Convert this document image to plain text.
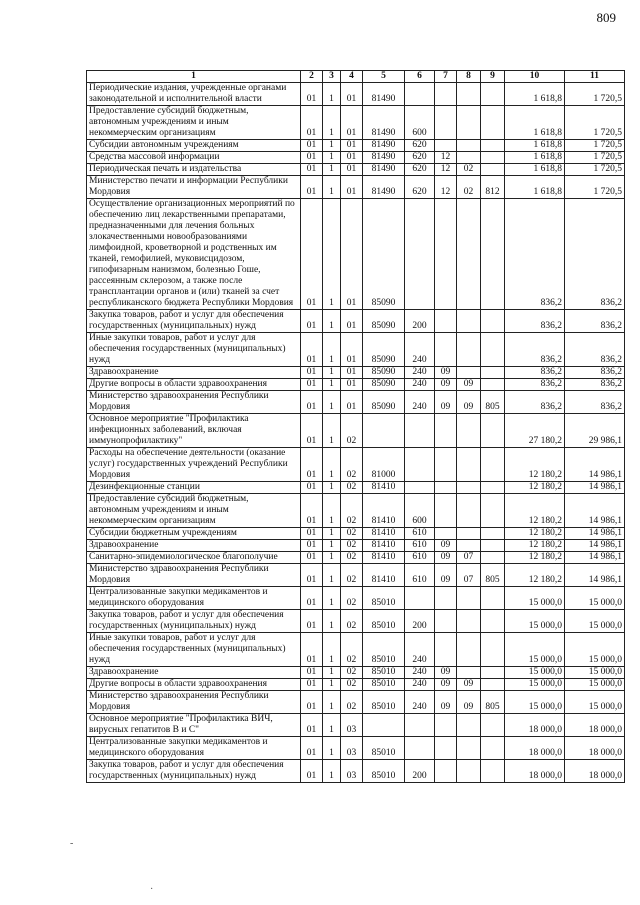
809
1	2	3	4	5	6	7	8	9	10	11
Периодические издания, учрежденные органами законодательной и исполнительной власти	01	1	01	81490					1 618,8	1 720,5
Предоставление субсидий бюджетным, автономным учреждениям и иным некоммерческим организациям	01	1	01	81490	600				1 618,8	1 720,5
Субсидии автономным учреждениям	01	1	01	81490	620				1 618,8	1 720,5
Средства массовой информации	01	1	01	81490	620	12			1 618,8	1 720,5
Периодическая печать и издательства	01	1	01	81490	620	12	02		1 618,8	1 720,5
Министерство печати и информации Республики Мордовия	01	1	01	81490	620	12	02	812	1 618,8	1 720,5
Осуществление организационных мероприятий по обеспечению лиц лекарственными препаратами, предназначенными для лечения больных злокачественными новообразованиями лимфоидной, кроветворной и родственных им тканей, гемофилией, муковисцидозом, гипофизарным нанизмом, болезнью Гоше, рассеянным склерозом, а также после трансплантации органов и (или) тканей за счет республиканского бюджета Республики Мордовия	01	1	01	85090					836,2	836,2
Закупка товаров, работ и услуг для обеспечения государственных (муниципальных) нужд	01	1	01	85090	200				836,2	836,2
Иные закупки товаров, работ и услуг для обеспечения государственных (муниципальных) нужд	01	1	01	85090	240				836,2	836,2
Здравоохранение	01	1	01	85090	240	09			836,2	836,2
Другие вопросы в области здравоохранения	01	1	01	85090	240	09	09		836,2	836,2
Министерство здравоохранения Республики Мордовия	01	1	01	85090	240	09	09	805	836,2	836,2
Основное мероприятие "Профилактика инфекционных заболеваний, включая иммунопрофилактику"	01	1	02						27 180,2	29 986,1
Расходы на обеспечение деятельности (оказание услуг) государственных учреждений Республики Мордовия	01	1	02	81000					12 180,2	14 986,1
Дезинфекционные станции	01	1	02	81410					12 180,2	14 986,1
Предоставление субсидий бюджетным, автономным учреждениям и иным некоммерческим организациям	01	1	02	81410	600				12 180,2	14 986,1
Субсидии бюджетным учреждениям	01	1	02	81410	610				12 180,2	14 986,1
Здравоохранение	01	1	02	81410	610	09			12 180,2	14 986,1
Санитарно-эпидемиологическое благополучие	01	1	02	81410	610	09	07		12 180,2	14 986,1
Министерство здравоохранения Республики Мордовия	01	1	02	81410	610	09	07	805	12 180,2	14 986,1
Централизованные закупки медикаментов и медицинского оборудования	01	1	02	85010					15 000,0	15 000,0
Закупка товаров, работ и услуг для обеспечения государственных (муниципальных) нужд	01	1	02	85010	200				15 000,0	15 000,0
Иные закупки товаров, работ и услуг для обеспечения государственных (муниципальных) нужд	01	1	02	85010	240				15 000,0	15 000,0
Здравоохранение	01	1	02	85010	240	09			15 000,0	15 000,0
Другие вопросы в области здравоохранения	01	1	02	85010	240	09	09		15 000,0	15 000,0
Министерство здравоохранения Республики Мордовия	01	1	02	85010	240	09	09	805	15 000,0	15 000,0
Основное мероприятие "Профилактика ВИЧ, вирусных гепатитов В и С"	01	1	03						18 000,0	18 000,0
Централизованные закупки медикаментов и медицинского оборудования	01	1	03	85010					18 000,0	18 000,0
Закупка товаров, работ и услуг для обеспечения государственных (муниципальных) нужд	01	1	03	85010	200				18 000,0	18 000,0
-
·
